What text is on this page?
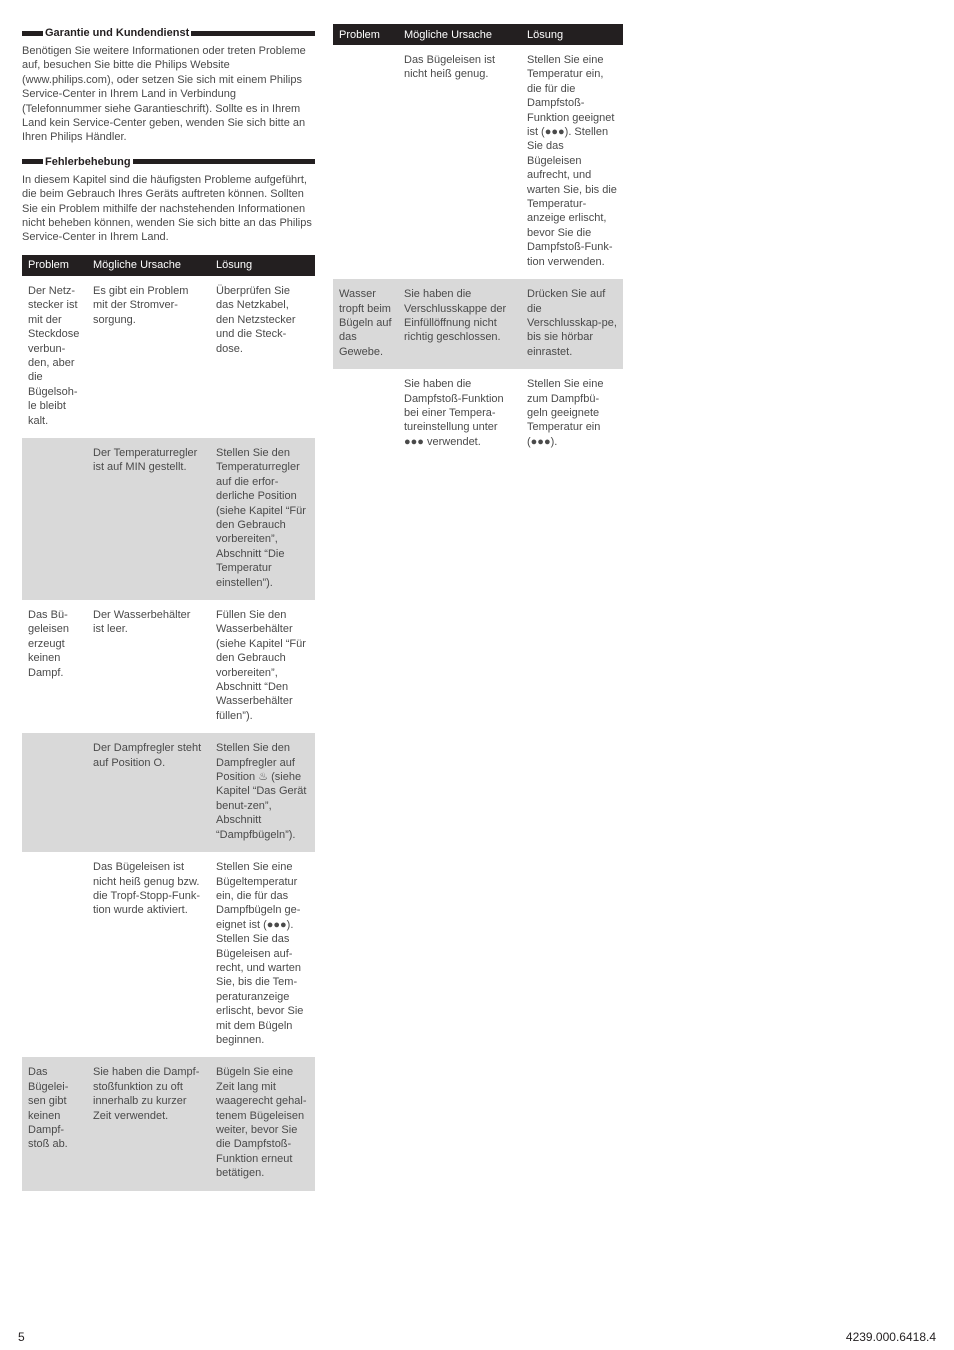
Garantie und Kundendienst

Benötigen Sie weitere Informationen oder treten Probleme auf, besuchen Sie bitte die Philips Website (www.philips.com), oder setzen Sie sich mit einem Philips Service-Center in Ihrem Land in Verbindung (Telefonnummer siehe Garantieschrift). Sollte es in Ihrem Land kein Service-Center geben, wenden Sie sich bitte an Ihren Philips Händler.

Fehlerbehebung

In diesem Kapitel sind die häufigsten Probleme aufgeführt, die beim Gebrauch Ihres Geräts auftreten können. Sollten Sie ein Problem mithilfe der nachstehenden Informationen nicht beheben können, wenden Sie sich bitte an das Philips Service-Center in Ihrem Land.

Problem	Mögliche Ursache	Lösung
Der Netz-stecker ist mit der Steckdose verbun-den, aber die Bügelsoh-le bleibt kalt.	Es gibt ein Problem mit der Stromver-sorgung.	Überprüfen Sie das Netzkabel, den Netzstecker und die Steck-dose.
	Der Temperaturregler ist auf MIN gestellt.	Stellen Sie den Temperaturregler auf die erfor-derliche Position (siehe Kapitel “Für den Gebrauch vorbereiten”, Abschnitt “Die Temperatur einstellen”).
Das Bü-geleisen erzeugt keinen Dampf.	Der Wasserbehälter ist leer.	Füllen Sie den Wasserbehälter (siehe Kapitel “Für den Gebrauch vorbereiten”, Abschnitt “Den Wasserbehälter füllen”).
	Der Dampfregler steht auf Position O.	Stellen Sie den Dampfregler auf Position ♨ (siehe Kapitel “Das Gerät benut-zen”, Abschnitt “Dampfbügeln”).
	Das Bügeleisen ist nicht heiß genug bzw. die Tropf-Stopp-Funk-tion wurde aktiviert.	Stellen Sie eine Bügeltemperatur ein, die für das Dampfbügeln ge-eignet ist (●●●). Stellen Sie das Bügeleisen auf-recht, und warten Sie, bis die Tem-peraturanzeige erlischt, bevor Sie mit dem Bügeln beginnen.
Das Bügelei-sen gibt keinen Dampf-stoß ab.	Sie haben die Dampf-stoßfunktion zu oft innerhalb zu kurzer Zeit verwendet.	Bügeln Sie eine Zeit lang mit waagerecht gehal-tenem Bügeleisen weiter, bevor Sie die Dampfstoß-Funktion erneut betätigen.
Problem	Mögliche Ursache	Lösung
	Das Bügeleisen ist nicht heiß genug.	Stellen Sie eine Temperatur ein, die für die Dampfstoß-Funktion geeignet ist (●●●). Stellen Sie das Bügeleisen aufrecht, und warten Sie, bis die Temperatur-anzeige erlischt, bevor Sie die Dampfstoß-Funk-tion verwenden.
Wasser tropft beim Bügeln auf das Gewebe.	Sie haben die Verschlusskappe der Einfüllöffnung nicht richtig geschlossen.	Drücken Sie auf die Verschlusskap-pe, bis sie hörbar einrastet.
	Sie haben die Dampfstoß-Funktion bei einer Tempera-tureinstellung unter ●●● verwendet.	Stellen Sie eine zum Dampfbü-geln geeignete Temperatur ein (●●●).
5	4239.000.6418.4
